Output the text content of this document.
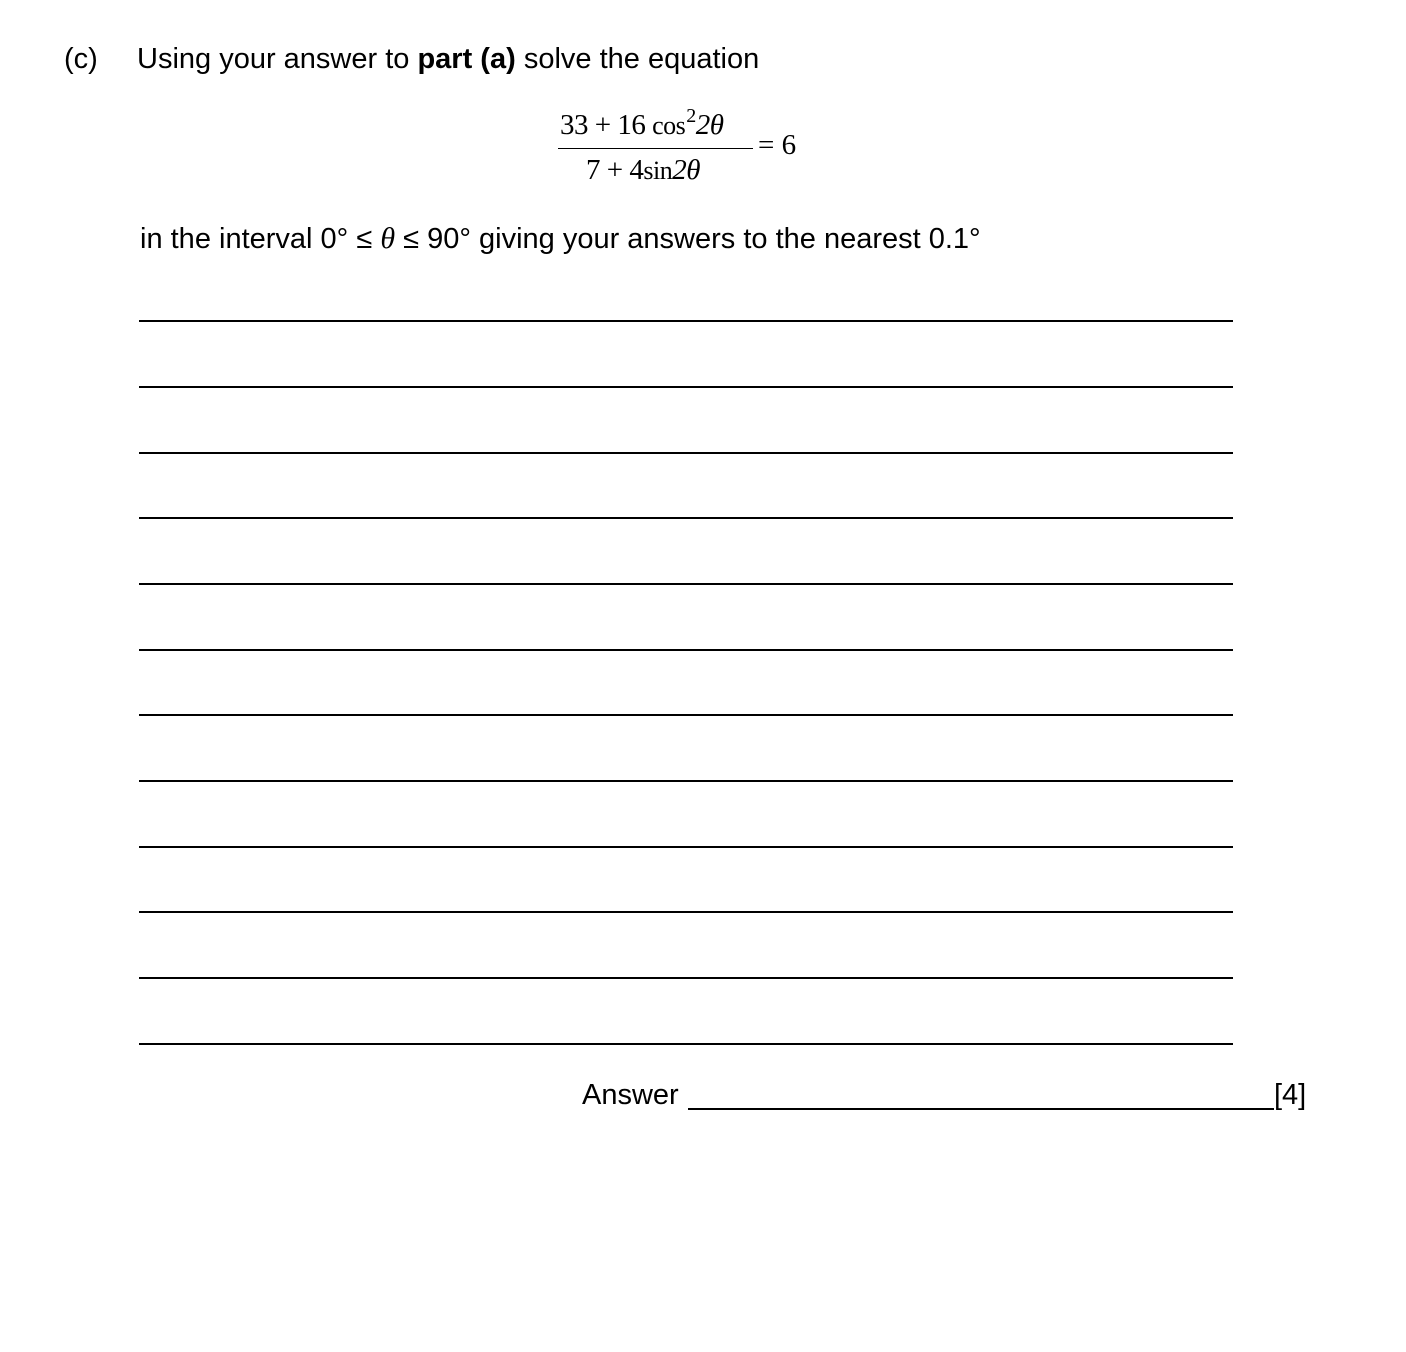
(c) Using your answer to part (a) solve the equation
33 + 16 $\cos^22\theta$
7 + 4sin2θ
= 6
in the interval 0° ≤ θ ≤ 90° giving your answers to the nearest 0.1°
Answer	[4]
